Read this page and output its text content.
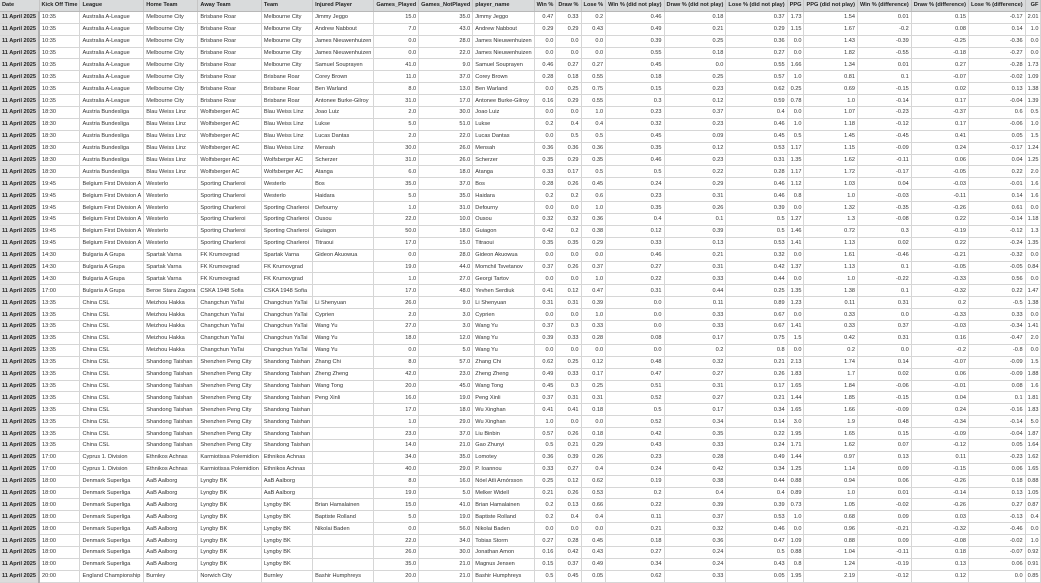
Date	Kick Off Time	League	Home Team	Away Team	Team	Injured Player	Games_Played	Games_NotPlayed	player_name	Win %	Draw %	Lose %	Win % (did not play)	Draw % (did not play)	Lose % (did not play)	PPG	PPG (did not play)	Win % (difference)	Draw % (difference)	Lose % (difference)	GF
11 April 2025	10:35	Australia A-League	Melbourne City	Brisbane Roar	Melbourne City	Jimmy Jeggo	15.0	35.0	Jimmy Jeggo	0.47	0.33	0.2	0.46	0.18	0.37	1.73	1.54	0.01	0.15	-0.17	2.01
11 April 2025	10:35	Australia A-League	Melbourne City	Brisbane Roar	Melbourne City	Andrew Nabbout	7.0	43.0	Andrew Nabbout	0.29	0.29	0.43	0.49	0.21	0.29	1.15	1.67	-0.2	0.08	0.14	1.0
11 April 2025	10:35	Australia A-League	Melbourne City	Brisbane Roar	Melbourne City	James Nieuwenhuizen	0.0	28.0	James Nieuwenhuizen	0.0	0.0	0.0	0.39	0.25	0.36	0.0	1.43	-0.39	-0.25	-0.36	0.0
11 April 2025	10:35	Australia A-League	Melbourne City	Brisbane Roar	Melbourne City	James Nieuwenhuizen	0.0	22.0	James Nieuwenhuizen	0.0	0.0	0.0	0.55	0.18	0.27	0.0	1.82	-0.55	-0.18	-0.27	0.0
11 April 2025	10:35	Australia A-League	Melbourne City	Brisbane Roar	Melbourne City	Samuel Souprayen	41.0	9.0	Samuel Souprayen	0.46	0.27	0.27	0.45	0.0	0.55	1.66	1.34	0.01	0.27	-0.28	1.73
11 April 2025	10:35	Australia A-League	Melbourne City	Brisbane Roar	Brisbane Roar	Corey Brown	11.0	37.0	Corey Brown	0.28	0.18	0.55	0.18	0.25	0.57	1.0	0.81	0.1	-0.07	-0.02	1.09
11 April 2025	10:35	Australia A-League	Melbourne City	Brisbane Roar	Brisbane Roar	Ben Warland	8.0	13.0	Ben Warland	0.0	0.25	0.75	0.15	0.23	0.62	0.25	0.69	-0.15	0.02	0.13	1.38
11 April 2025	10:35	Australia A-League	Melbourne City	Brisbane Roar	Brisbane Roar	Antonee Burke-Gilroy	31.0	17.0	Antonee Burke-Gilroy	0.16	0.29	0.55	0.3	0.12	0.59	0.78	1.0	-0.14	0.17	-0.04	1.39
11 April 2025	18:30	Austria Bundesliga	Blau Weiss Linz	Wolfsberger AC	Blau Weiss Linz	Joao Luiz	2.0	30.0	Joao Luiz	0.0	0.0	1.0	0.23	0.37	0.4	0.0	1.07	-0.23	-0.37	0.6	0.5
11 April 2025	18:30	Austria Bundesliga	Blau Weiss Linz	Wolfsberger AC	Blau Weiss Linz	Lukse	5.0	51.0	Lukse	0.2	0.4	0.4	0.32	0.23	0.46	1.0	1.18	-0.12	0.17	-0.06	1.0
11 April 2025	18:30	Austria Bundesliga	Blau Weiss Linz	Wolfsberger AC	Blau Weiss Linz	Lucas Dantas	2.0	22.0	Lucas Dantas	0.0	0.5	0.5	0.45	0.09	0.45	0.5	1.45	-0.45	0.41	0.05	1.5
11 April 2025	18:30	Austria Bundesliga	Blau Weiss Linz	Wolfsberger AC	Blau Weiss Linz	Mensah	30.0	26.0	Mensah	0.36	0.36	0.36	0.35	0.12	0.53	1.17	1.15	-0.09	0.24	-0.17	1.24
11 April 2025	18:30	Austria Bundesliga	Blau Weiss Linz	Wolfsberger AC	Wolfsberger AC	Scherzer	31.0	26.0	Scherzer	0.35	0.29	0.35	0.46	0.23	0.31	1.35	1.62	-0.11	0.06	0.04	1.25
11 April 2025	18:30	Austria Bundesliga	Blau Weiss Linz	Wolfsberger AC	Wolfsberger AC	Atanga	6.0	18.0	Atanga	0.33	0.17	0.5	0.5	0.22	0.28	1.17	1.72	-0.17	-0.05	0.22	2.0
11 April 2025	19:45	Belgium First Division A	Westerlo	Sporting Charleroi	Westerlo	Bos	35.0	37.0	Bos	0.28	0.26	0.45	0.24	0.29	0.46	1.12	1.03	0.04	-0.03	-0.01	1.6
11 April 2025	19:45	Belgium First Division A	Westerlo	Sporting Charleroi	Westerlo	Haidara	5.0	35.0	Haidara	0.2	0.2	0.6	0.23	0.31	0.46	0.8	1.0	-0.03	-0.11	0.14	1.6
11 April 2025	19:45	Belgium First Division A	Westerlo	Sporting Charleroi	Sporting Charleroi	Defourny	1.0	31.0	Defourny	0.0	0.0	1.0	0.35	0.26	0.39	0.0	1.32	-0.35	-0.26	0.61	0.0
11 April 2025	19:45	Belgium First Division A	Westerlo	Sporting Charleroi	Sporting Charleroi	Ousou	22.0	10.0	Ousou	0.32	0.32	0.36	0.4	0.1	0.5	1.27	1.3	-0.08	0.22	-0.14	1.18
11 April 2025	19:45	Belgium First Division A	Westerlo	Sporting Charleroi	Sporting Charleroi	Guiagon	50.0	18.0	Guiagon	0.42	0.2	0.38	0.12	0.39	0.5	1.46	0.72	0.3	-0.19	-0.12	1.3
11 April 2025	19:45	Belgium First Division A	Westerlo	Sporting Charleroi	Sporting Charleroi	Titraoui	17.0	15.0	Titraoui	0.35	0.35	0.29	0.33	0.13	0.53	1.41	1.13	0.02	0.22	-0.24	1.35
11 April 2025	14:30	Bulgaria A Grupa	Spartak Varna	FK Krumovgrad	Spartak Varna	Gideon Akuowua	0.0	28.0	Gideon Akuowua	0.0	0.0	0.0	0.46	0.21	0.32	0.0	1.61	-0.46	-0.21	-0.32	0.0
11 April 2025	14:30	Bulgaria A Grupa	Spartak Varna	FK Krumovgrad	FK Krumovgrad		19.0	44.0	Momchil Tsvetanov	0.37	0.26	0.37	0.27	0.31	0.42	1.37	1.13	0.1	-0.05	-0.05	0.84
11 April 2025	14:30	Bulgaria A Grupa	Spartak Varna	FK Krumovgrad	FK Krumovgrad		1.0	27.0	Georgi Tartov	0.0	0.0	1.0	0.22	0.33	0.44	0.0	1.0	-0.22	-0.33	0.56	0.0
11 April 2025	17:00	Bulgaria A Grupa	Beroe Stara Zagora	CSKA 1948 Sofia	CSKA 1948 Sofia		17.0	48.0	Yevhen Serdiuk	0.41	0.12	0.47	0.31	0.44	0.25	1.35	1.38	0.1	-0.32	0.22	1.47
11 April 2025	13:35	China CSL	Meizhou Hakka	Changchun YaTai	Changchun YaTai	Li Shenyuan	26.0	9.0	Li Shenyuan	0.31	0.31	0.39	0.0	0.11	0.89	1.23	0.11	0.31	0.2	-0.5	1.38
11 April 2025	13:35	China CSL	Meizhou Hakka	Changchun YaTai	Changchun YaTai	Cyprien	2.0	3.0	Cyprien	0.0	0.0	1.0	0.0	0.33	0.67	0.0	0.33	0.0	-0.33	0.33	0.0
11 April 2025	13:35	China CSL	Meizhou Hakka	Changchun YaTai	Changchun YaTai	Wang Yu	27.0	3.0	Wang Yu	0.37	0.3	0.33	0.0	0.33	0.67	1.41	0.33	0.37	-0.03	-0.34	1.41
11 April 2025	13:35	China CSL	Meizhou Hakka	Changchun YaTai	Changchun YaTai	Wang Yu	18.0	12.0	Wang Yu	0.39	0.33	0.28	0.08	0.17	0.75	1.5	0.42	0.31	0.16	-0.47	2.0
11 April 2025	13:35	China CSL	Meizhou Hakka	Changchun YaTai	Changchun YaTai	Wang Yu	0.0	5.0	Wang Yu	0.0	0.0	0.0	0.0	0.2	0.8	0.0	0.2	0.0	-0.2	-0.8	0.0
11 April 2025	13:35	China CSL	Shandong Taishan	Shenzhen Peng City	Shandong Taishan	Zhang Chi	8.0	57.0	Zhang Chi	0.62	0.25	0.12	0.48	0.32	0.21	2.13	1.74	0.14	-0.07	-0.09	1.5
11 April 2025	13:35	China CSL	Shandong Taishan	Shenzhen Peng City	Shandong Taishan	Zheng Zheng	42.0	23.0	Zheng Zheng	0.49	0.33	0.17	0.47	0.27	0.26	1.83	1.7	0.02	0.06	-0.09	1.88
11 April 2025	13:35	China CSL	Shandong Taishan	Shenzhen Peng City	Shandong Taishan	Wang Tong	20.0	45.0	Wang Tong	0.45	0.3	0.25	0.51	0.31	0.17	1.65	1.84	-0.06	-0.01	0.08	1.6
11 April 2025	13:35	China CSL	Shandong Taishan	Shenzhen Peng City	Shandong Taishan	Peng Xinli	16.0	19.0	Peng Xinli	0.37	0.31	0.31	0.52	0.27	0.21	1.44	1.85	-0.15	0.04	0.1	1.81
11 April 2025	13:35	China CSL	Shandong Taishan	Shenzhen Peng City	Shandong Taishan		17.0	18.0	Wu Xinghan	0.41	0.41	0.18	0.5	0.17	0.34	1.65	1.66	-0.09	0.24	-0.16	1.83
11 April 2025	13:35	China CSL	Shandong Taishan	Shenzhen Peng City	Shandong Taishan		1.0	29.0	Wu Xinghan	1.0	0.0	0.0	0.52	0.34	0.14	3.0	1.9	0.48	-0.34	-0.14	5.0
11 April 2025	13:35	China CSL	Shandong Taishan	Shenzhen Peng City	Shandong Taishan		23.0	37.0	Liu Binbin	0.57	0.26	0.18	0.42	0.35	0.22	1.95	1.65	0.15	-0.09	-0.04	1.87
11 April 2025	13:35	China CSL	Shandong Taishan	Shenzhen Peng City	Shandong Taishan		14.0	21.0	Gao Zhunyi	0.5	0.21	0.29	0.43	0.33	0.24	1.71	1.62	0.07	-0.12	0.05	1.64
11 April 2025	17:00	Cyprus 1. Division	Ethnikos Achnas	Karmiotissa Polemidion	Ethnikos Achnas		34.0	35.0	Lomotey	0.36	0.39	0.26	0.23	0.28	0.49	1.44	0.97	0.13	0.11	-0.23	1.62
11 April 2025	17:00	Cyprus 1. Division	Ethnikos Achnas	Karmiotissa Polemidion	Ethnikos Achnas		40.0	29.0	P. Ioannou	0.33	0.27	0.4	0.24	0.42	0.34	1.25	1.14	0.09	-0.15	0.06	1.65
11 April 2025	18:00	Denmark Superliga	AaB Aalborg	Lyngby BK	AaB Aalborg		8.0	16.0	Nóel Atli Arnórsson	0.25	0.12	0.62	0.19	0.38	0.44	0.88	0.94	0.06	-0.26	0.18	0.88
11 April 2025	18:00	Denmark Superliga	AaB Aalborg	Lyngby BK	AaB Aalborg		19.0	5.0	Melker Widell	0.21	0.26	0.53	0.2	0.4	0.4	0.89	1.0	0.01	-0.14	0.13	1.05
11 April 2025	18:00	Denmark Superliga	AaB Aalborg	Lyngby BK	Lyngby BK	Brian Hamalainen	15.0	41.0	Brian Hamalainen	0.2	0.13	0.66	0.22	0.39	0.39	0.73	1.05	-0.02	-0.26	0.27	0.87
11 April 2025	18:00	Denmark Superliga	AaB Aalborg	Lyngby BK	Lyngby BK	Baptiste Rolland	5.0	19.0	Baptiste Rolland	0.2	0.4	0.4	0.11	0.37	0.53	1.0	0.68	0.09	0.03	-0.13	0.4
11 April 2025	18:00	Denmark Superliga	AaB Aalborg	Lyngby BK	Lyngby BK	Nikolai Baden	0.0	56.0	Nikolai Baden	0.0	0.0	0.0	0.21	0.32	0.46	0.0	0.96	-0.21	-0.32	-0.46	0.0
11 April 2025	18:00	Denmark Superliga	AaB Aalborg	Lyngby BK	Lyngby BK		22.0	34.0	Tobias Storm	0.27	0.28	0.45	0.18	0.36	0.47	1.09	0.88	0.09	-0.08	-0.02	1.0
11 April 2025	18:00	Denmark Superliga	AaB Aalborg	Lyngby BK	Lyngby BK		26.0	30.0	Jonathan Amon	0.16	0.42	0.43	0.27	0.24	0.5	0.88	1.04	-0.11	0.18	-0.07	0.92
11 April 2025	18:00	Denmark Superliga	AaB Aalborg	Lyngby BK	Lyngby BK		35.0	21.0	Magnus Jensen	0.15	0.37	0.49	0.34	0.24	0.43	0.8	1.24	-0.19	0.13	0.06	0.91
11 April 2025	20:00	England Championship	Burnley	Norwich City	Burnley	Bashir Humphreys	20.0	21.0	Bashir Humphreys	0.5	0.45	0.05	0.62	0.33	0.05	1.95	2.19	-0.12	0.12	0.0	0.85
